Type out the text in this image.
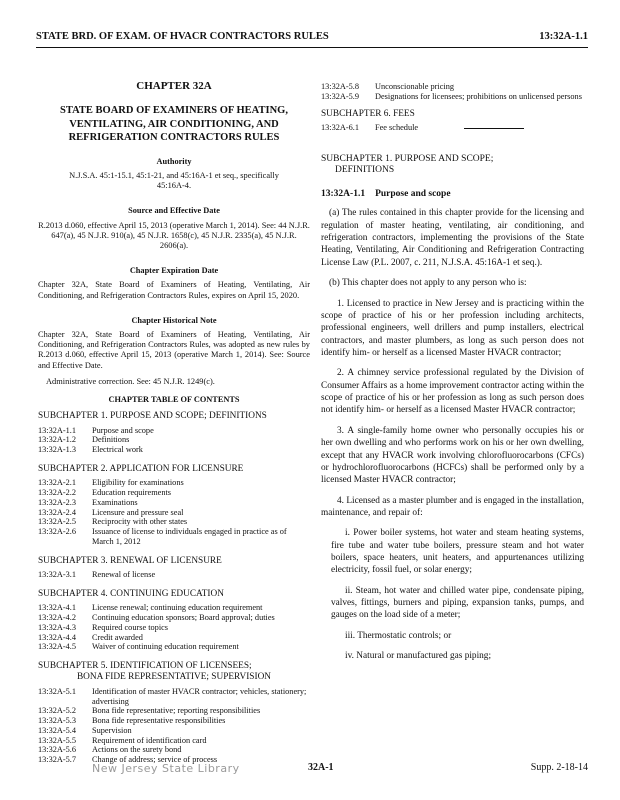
STATE BRD. OF EXAM. OF HVACR CONTRACTORS RULES	13:32A-1.1
CHAPTER 32A
STATE BOARD OF EXAMINERS OF HEATING, VENTILATING, AIR CONDITIONING, AND REFRIGERATION CONTRACTORS RULES
Authority
N.J.S.A. 45:1-15.1, 45:1-21, and 45:16A-1 et seq., specifically 45:16A-4.
Source and Effective Date
R.2013 d.060, effective April 15, 2013 (operative March 1, 2014). See: 44 N.J.R. 647(a), 45 N.J.R. 910(a), 45 N.J.R. 1658(c), 45 N.J.R. 2335(a), 45 N.J.R. 2606(a).
Chapter Expiration Date
Chapter 32A, State Board of Examiners of Heating, Ventilating, Air Conditioning, and Refrigeration Contractors Rules, expires on April 15, 2020.
Chapter Historical Note
Chapter 32A, State Board of Examiners of Heating, Ventilating, Air Conditioning, and Refrigeration Contractors Rules, was adopted as new rules by R.2013 d.060, effective April 15, 2013 (operative March 1, 2014). See: Source and Effective Date.
Administrative correction. See: 45 N.J.R. 1249(c).
CHAPTER TABLE OF CONTENTS
SUBCHAPTER 1. PURPOSE AND SCOPE; DEFINITIONS
13:32A-1.1	Purpose and scope
13:32A-1.2	Definitions
13:32A-1.3	Electrical work
SUBCHAPTER 2. APPLICATION FOR LICENSURE
13:32A-2.1	Eligibility for examinations
13:32A-2.2	Education requirements
13:32A-2.3	Examinations
13:32A-2.4	Licensure and pressure seal
13:32A-2.5	Reciprocity with other states
13:32A-2.6	Issuance of license to individuals engaged in practice as of March 1, 2012
SUBCHAPTER 3. RENEWAL OF LICENSURE
13:32A-3.1	Renewal of license
SUBCHAPTER 4. CONTINUING EDUCATION
13:32A-4.1	License renewal; continuing education requirement
13:32A-4.2	Continuing education sponsors; Board approval; duties
13:32A-4.3	Required course topics
13:32A-4.4	Credit awarded
13:32A-4.5	Waiver of continuing education requirement
SUBCHAPTER 5. IDENTIFICATION OF LICENSEES;
BONA FIDE REPRESENTATIVE; SUPERVISION
13:32A-5.1	Identification of master HVACR contractor; vehicles, stationery; advertising
13:32A-5.2	Bona fide representative; reporting responsibilities
13:32A-5.3	Bona fide representative responsibilities
13:32A-5.4	Supervision
13:32A-5.5	Requirement of identification card
13:32A-5.6	Actions on the surety bond
13:32A-5.7	Change of address; service of process
13:32A-5.8	Unconscionable pricing
13:32A-5.9	Designations for licensees; prohibitions on unlicensed persons
SUBCHAPTER 6. FEES
13:32A-6.1	Fee schedule
SUBCHAPTER 1. PURPOSE AND SCOPE;
DEFINITIONS
13:32A-1.1 Purpose and scope

(a) The rules contained in this chapter provide for the licensing and regulation of master heating, ventilating, air conditioning, and refrigeration contractors, implementing the provisions of the State Heating, Ventilating, Air Conditioning and Refrigeration Contracting License Law (P.L. 2007, c. 211, N.J.S.A. 45:16A-1 et seq.).

(b) This chapter does not apply to any person who is:

1. Licensed to practice in New Jersey and is practicing within the scope of practice of his or her profession including architects, professional engineers, well drillers and pump installers, electrical contractors, and master plumbers, as long as such person does not identify him- or herself as a licensed Master HVACR contractor;

2. A chimney service professional regulated by the Division of Consumer Affairs as a home improvement contractor acting within the scope of practice of his or her profession as long as such person does not identify him- or herself as a licensed Master HVACR contractor;

3. A single-family home owner who personally occupies his or her own dwelling and who performs work on his or her own dwelling, except that any HVACR work involving chlorofluorocarbons (CFCs) or hydrochlorofluorocarbons (HCFCs) shall be performed only by a licensed Master HVACR contractor;

4. Licensed as a master plumber and is engaged in the installation, maintenance, and repair of:

i. Power boiler systems, hot water and steam heating systems, fire tube and water tube boilers, pressure steam and hot water boilers, space heaters, unit heaters, and appurtenances utilizing electricity, fossil fuel, or solar energy;

ii. Steam, hot water and chilled water pipe, condensate piping, valves, fittings, burners and piping, expansion tanks, pumps, and gauges on the load side of a meter;

iii. Thermostatic controls; or

iv. Natural or manufactured gas piping;

New Jersey State Library	32A-1	Supp. 2-18-14
